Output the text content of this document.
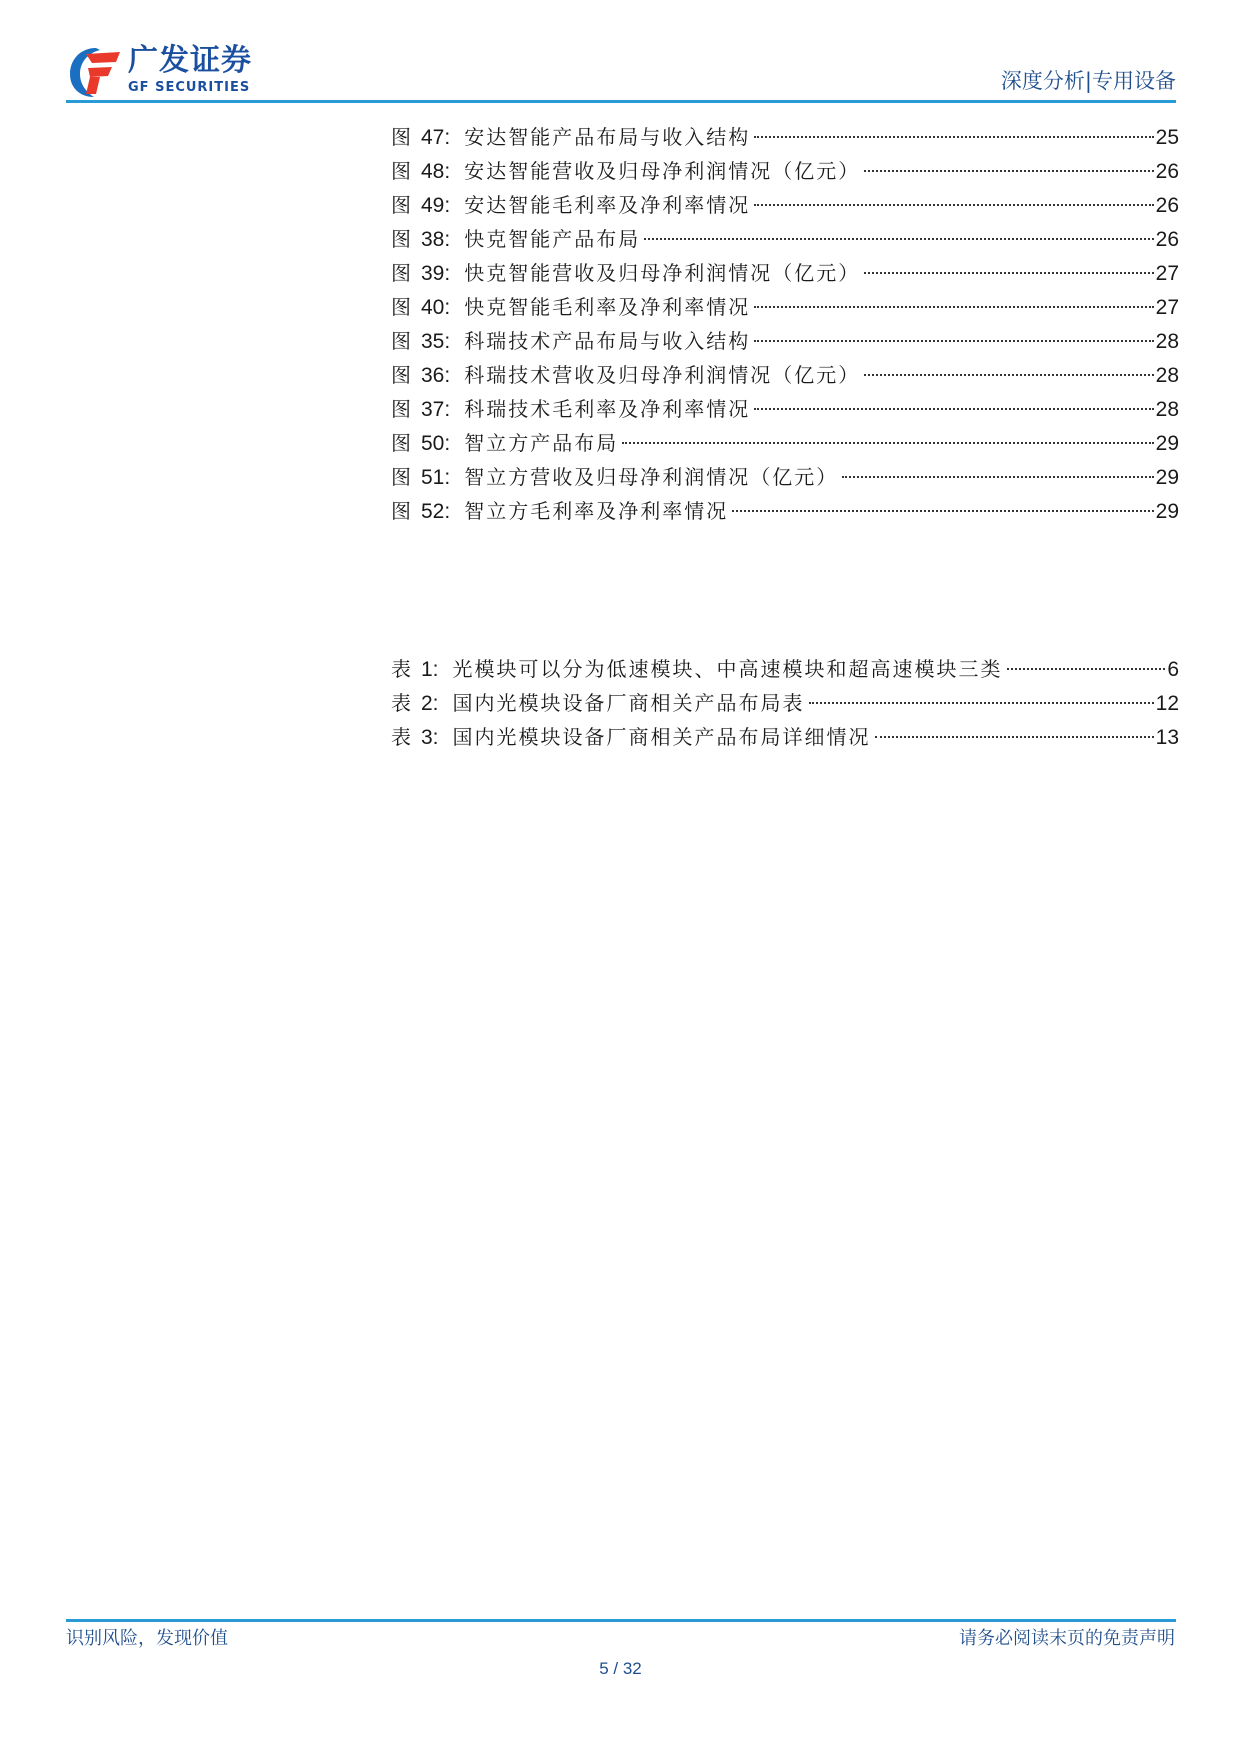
广发证券
GF SECURITIES	深度分析|专用设备
图 47: 安达智能产品布局与收入结构	25
图 48: 安达智能营收及归母净利润情况（亿元）	26
图 49: 安达智能毛利率及净利率情况	26
图 38: 快克智能产品布局	26
图 39: 快克智能营收及归母净利润情况（亿元）	27
图 40: 快克智能毛利率及净利率情况	27
图 35: 科瑞技术产品布局与收入结构	28
图 36: 科瑞技术营收及归母净利润情况（亿元）	28
图 37: 科瑞技术毛利率及净利率情况	28
图 50: 智立方产品布局	29
图 51: 智立方营收及归母净利润情况（亿元）	29
图 52: 智立方毛利率及净利率情况	29
表 1: 光模块可以分为低速模块、中高速模块和超高速模块三类	6
表 2: 国内光模块设备厂商相关产品布局表	12
表 3: 国内光模块设备厂商相关产品布局详细情况	13
识别风险，发现价值	请务必阅读末页的免责声明
5 / 32
